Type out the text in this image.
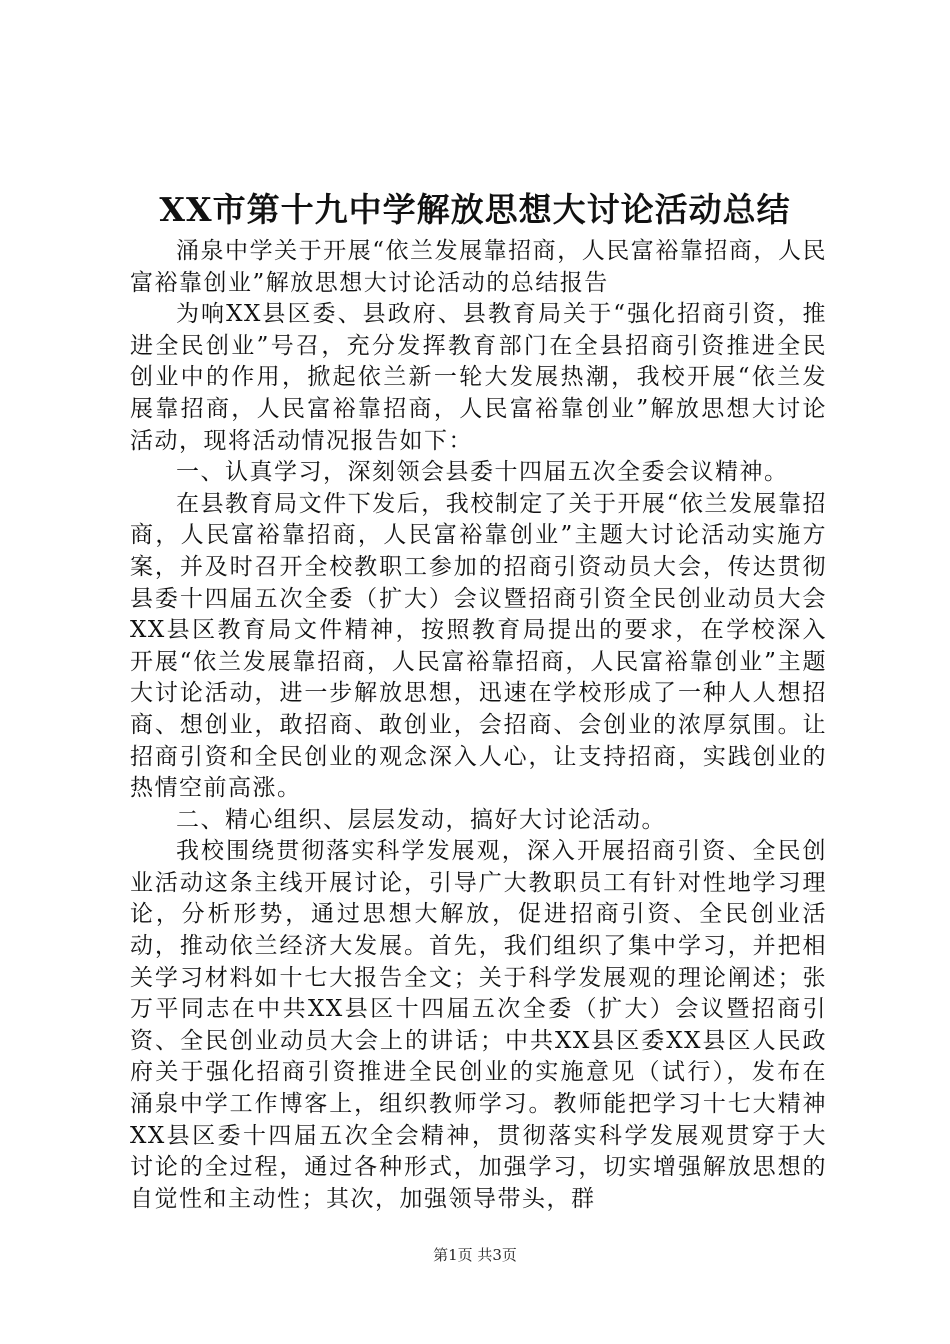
XX市第十九中学解放思想大讨论活动总结

涌泉中学关于开展“依兰发展靠招商，人民富裕靠招商，人民富裕靠创业”解放思想大讨论活动的总结报告

为响XX县区委、县政府、县教育局关于“强化招商引资，推进全民创业”号召，充分发挥教育部门在全县招商引资推进全民创业中的作用，掀起依兰新一轮大发展热潮，我校开展“依兰发展靠招商，人民富裕靠招商，人民富裕靠创业”解放思想大讨论活动，现将活动情况报告如下：

一、认真学习，深刻领会县委十四届五次全委会议精神。

在县教育局文件下发后，我校制定了关于开展“依兰发展靠招商，人民富裕靠招商，人民富裕靠创业”主题大讨论活动实施方案，并及时召开全校教职工参加的招商引资动员大会，传达贯彻县委十四届五次全委（扩大）会议暨招商引资全民创业动员大会XX县区教育局文件精神，按照教育局提出的要求，在学校深入开展“依兰发展靠招商，人民富裕靠招商，人民富裕靠创业”主题大讨论活动，进一步解放思想，迅速在学校形成了一种人人想招商、想创业，敢招商、敢创业，会招商、会创业的浓厚氛围。让招商引资和全民创业的观念深入人心，让支持招商，实践创业的热情空前高涨。

二、精心组织、层层发动，搞好大讨论活动。

我校围绕贯彻落实科学发展观，深入开展招商引资、全民创业活动这条主线开展讨论，引导广大教职员工有针对性地学习理论，分析形势，通过思想大解放，促进招商引资、全民创业活动，推动依兰经济大发展。首先，我们组织了集中学习，并把相关学习材料如十七大报告全文；关于科学发展观的理论阐述；张万平同志在中共XX县区十四届五次全委（扩大）会议暨招商引资、全民创业动员大会上的讲话；中共XX县区委XX县区人民政府关于强化招商引资推进全民创业的实施意见（试行），发布在涌泉中学工作博客上，组织教师学习。教师能把学习十七大精神XX县区委十四届五次全会精神，贯彻落实科学发展观贯穿于大讨论的全过程，通过各种形式，加强学习，切实增强解放思想的自觉性和主动性；其次，加强领导带头，群

第1页 共3页
